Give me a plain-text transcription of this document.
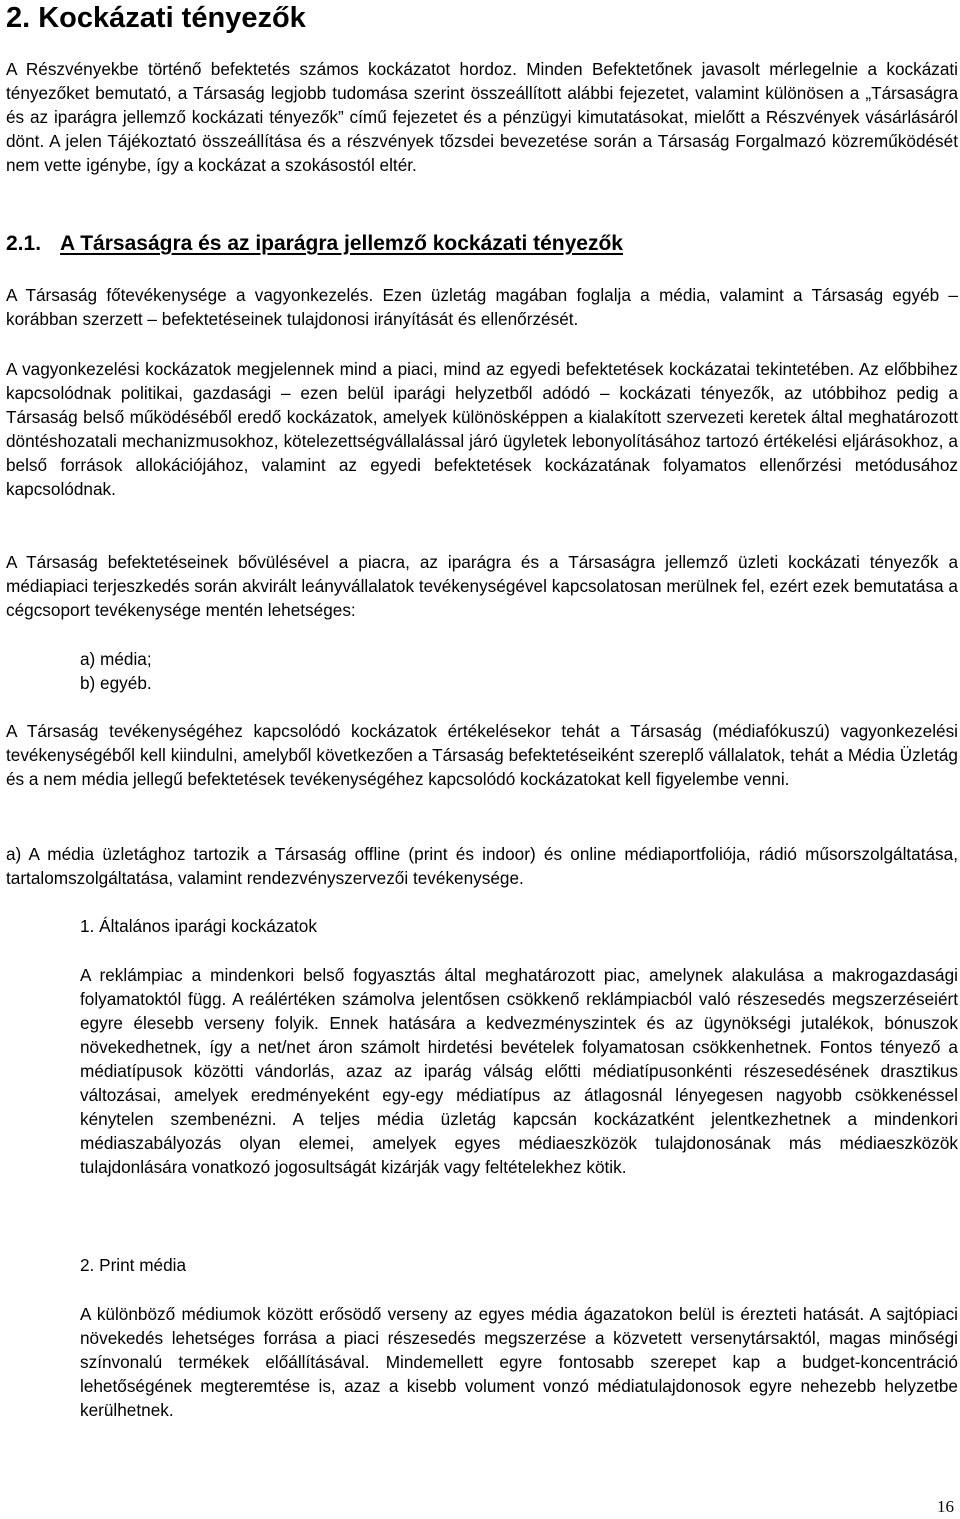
2. Kockázati tényezők

A Részvényekbe történő befektetés számos kockázatot hordoz. Minden Befektetőnek javasolt mérlegelnie a kockázati tényezőket bemutató, a Társaság legjobb tudomása szerint összeállított alábbi fejezetet, valamint különösen a „Társaságra és az iparágra jellemző kockázati tényezők” című fejezetet és a pénzügyi kimutatásokat, mielőtt a Részvények vásárlásáról dönt. A jelen Tájékoztató összeállítása és a részvények tőzsdei bevezetése során a Társaság Forgalmazó közreműködését nem vette igénybe, így a kockázat a szokásostól eltér.

2.1. A Társaságra és az iparágra jellemző kockázati tényezők

A Társaság főtevékenysége a vagyonkezelés. Ezen üzletág magában foglalja a média, valamint a Társaság egyéb – korábban szerzett – befektetéseinek tulajdonosi irányítását és ellenőrzését.

A vagyonkezelési kockázatok megjelennek mind a piaci, mind az egyedi befektetések kockázatai tekintetében. Az előbbihez kapcsolódnak politikai, gazdasági – ezen belül iparági helyzetből adódó – kockázati tényezők, az utóbbihoz pedig a Társaság belső működéséből eredő kockázatok, amelyek különösképpen a kialakított szervezeti keretek által meghatározott döntéshozatali mechanizmusokhoz, kötelezettségvállalással járó ügyletek lebonyolításához tartozó értékelési eljárásokhoz, a belső források allokációjához, valamint az egyedi befektetések kockázatának folyamatos ellenőrzési metódusához kapcsolódnak.

A Társaság befektetéseinek bővülésével a piacra, az iparágra és a Társaságra jellemző üzleti kockázati tényezők a médiapiaci terjeszkedés során akvirált leányvállalatok tevékenységével kapcsolatosan merülnek fel, ezért ezek bemutatása a cégcsoport tevékenysége mentén lehetséges:

a) média;
b) egyéb.

A Társaság tevékenységéhez kapcsolódó kockázatok értékelésekor tehát a Társaság (médiafókuszú) vagyonkezelési tevékenységéből kell kiindulni, amelyből következően a Társaság befektetéseiként szereplő vállalatok, tehát a Média Üzletág és a nem média jellegű befektetések tevékenységéhez kapcsolódó kockázatokat kell figyelembe venni.

a) A média üzletághoz tartozik a Társaság offline (print és indoor) és online médiaportfoliója, rádió műsorszolgáltatása, tartalomszolgáltatása, valamint rendezvényszervezői tevékenysége.

1. Általános iparági kockázatok

A reklámpiac a mindenkori belső fogyasztás által meghatározott piac, amelynek alakulása a makrogazdasági folyamatoktól függ. A reálértéken számolva jelentősen csökkenő reklámpiacból való részesedés megszerzéseiért egyre élesebb verseny folyik. Ennek hatására a kedvezményszintek és az ügynökségi jutalékok, bónuszok növekedhetnek, így a net/net áron számolt hirdetési bevételek folyamatosan csökkenhetnek. Fontos tényező a médiatípusok közötti vándorlás, azaz az iparág válság előtti médiatípusonkénti részesedésének drasztikus változásai, amelyek eredményeként egy-egy médiatípus az átlagosnál lényegesen nagyobb csökkenéssel kénytelen szembenézni. A teljes média üzletág kapcsán kockázatként jelentkezhetnek a mindenkori médiaszabályozás olyan elemei, amelyek egyes médiaeszközök tulajdonosának más médiaeszközök tulajdonlására vonatkozó jogosultságát kizárják vagy feltételekhez kötik.

2. Print média

A különböző médiumok között erősödő verseny az egyes média ágazatokon belül is érezteti hatását. A sajtópiaci növekedés lehetséges forrása a piaci részesedés megszerzése a közvetett versenytársaktól, magas minőségi színvonalú termékek előállításával. Mindemellett egyre fontosabb szerepet kap a budget-koncentráció lehetőségének megteremtése is, azaz a kisebb volument vonzó médiatulajdonosok egyre nehezebb helyzetbe kerülhetnek.

16
